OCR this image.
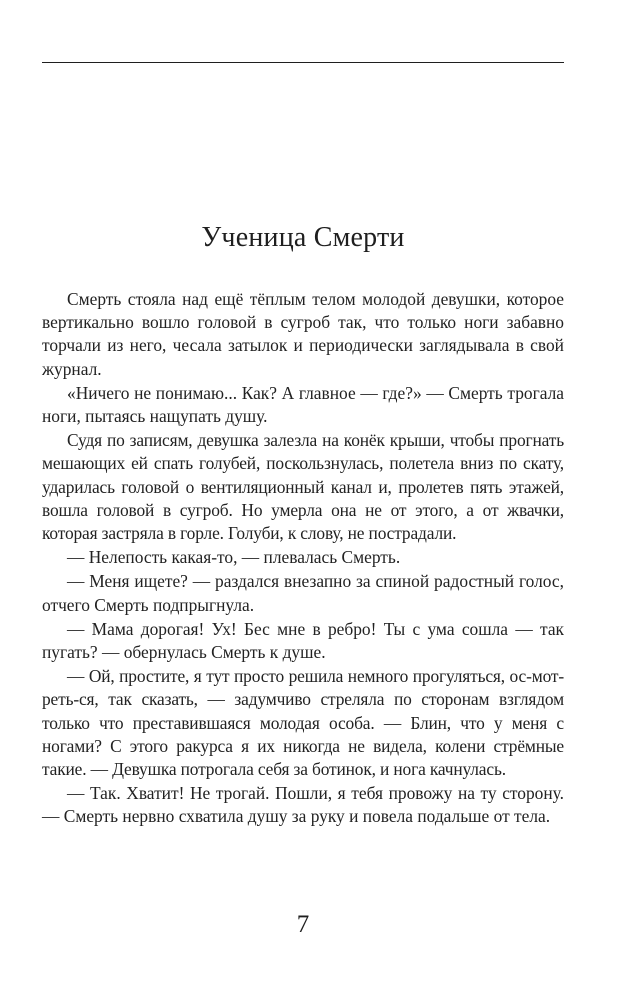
Ученица Смерти

Смерть стояла над ещё тёплым телом молодой девушки, которое вертикально вошло головой в сугроб так, что только ноги забавно торчали из него, чесала затылок и периодически заглядывала в свой журнал.

«Ничего не понимаю... Как? А главное — где?» — Смерть трогала ноги, пытаясь нащупать душу.

Судя по записям, девушка залезла на конёк крыши, чтобы прогнать мешающих ей спать голубей, поскользнулась, полетела вниз по скату, ударилась головой о вентиляционный канал и, пролетев пять этажей, вошла головой в сугроб. Но умерла она не от этого, а от жвачки, которая застряла в горле. Голуби, к слову, не пострадали.

— Нелепость какая-то, — плевалась Смерть.

— Меня ищете? — раздался внезапно за спиной радостный голос, отчего Смерть подпрыгнула.

— Мама дорогая! Ух! Бес мне в ребро! Ты с ума сошла — так пугать? — обернулась Смерть к душе.

— Ой, простите, я тут просто решила немного прогуляться, ос-мот-реть-ся, так сказать, — задумчиво стреляла по сторонам взглядом только что преставившаяся молодая особа. — Блин, что у меня с ногами? С этого ракурса я их никогда не видела, колени стрёмные такие. — Девушка потрогала себя за ботинок, и нога качнулась.

— Так. Хватит! Не трогай. Пошли, я тебя провожу на ту сторону. — Смерть нервно схватила душу за руку и повела подальше от тела.

7
